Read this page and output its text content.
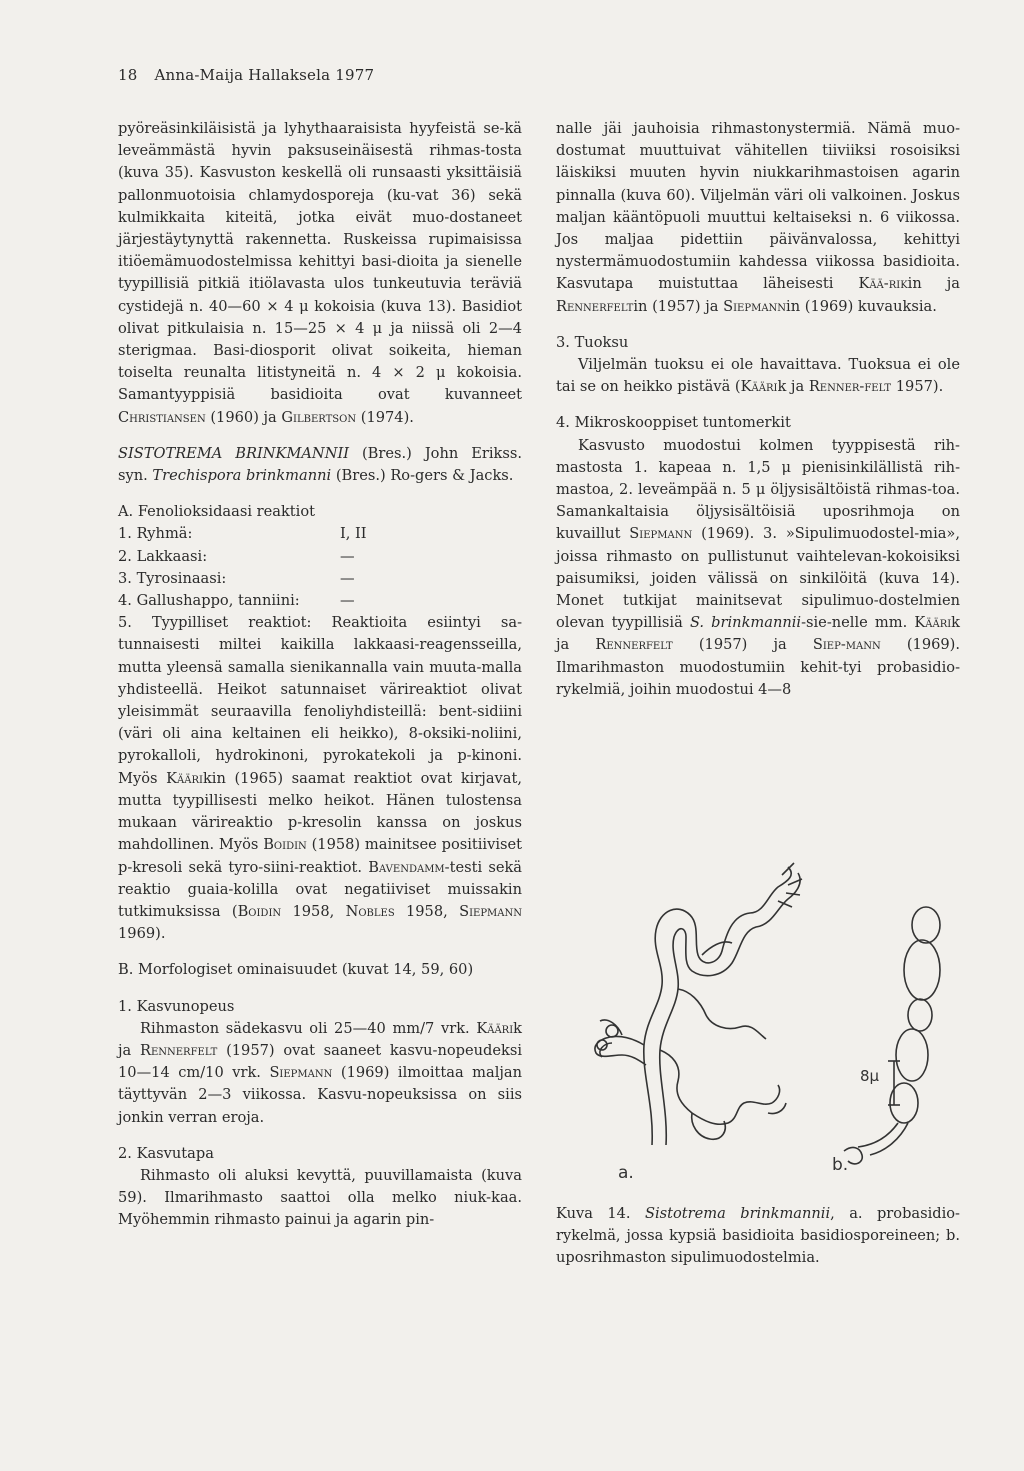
18 Anna-Maija Hallaksela 1977

pyöreäsinkiläisistä ja lyhythaaraisista hyyfeistä se-kä leveämmästä hyvin paksuseinäisestä rihmas-tosta (kuva 35). Kasvuston keskellä oli runsaasti yksittäisiä pallonmuotoisia chlamydosporeja (ku-vat 36) sekä kulmikkaita kiteitä, jotka eivät muo-dostaneet järjestäytynyttä rakennetta. Ruskeissa rupimaisissa itiöemämuodostelmissa kehittyi basi-dioita ja sienelle tyypillisiä pitkiä itiölavasta ulos tunkeutuvia teräviä cystidejä n. 40—60 × 4 μ kokoisia (kuva 13). Basidiot olivat pitkulaisia n. 15—25 × 4 μ ja niissä oli 2—4 sterigmaa. Basi-diosporit olivat soikeita, hieman toiselta reunalta litistyneitä n. 4 × 2 μ kokoisia. Samantyyppisiä basidioita ovat kuvanneet Christiansen (1960) ja Gilbertson (1974).

SISTOTREMA BRINKMANNII (Bres.) John Erikss. syn. Trechispora brinkmanni (Bres.) Ro-gers & Jacks.

A. Fenolioksidaasi reaktiot

1. Ryhmä:	I, II
2. Lakkaasi:	—
3. Tyrosinaasi:	—
4. Gallushappo, tanniini:	—

5. Tyypilliset reaktiot: Reaktioita esiintyi sa-tunnaisesti miltei kaikilla lakkaasi-reagensseilla, mutta yleensä samalla sienikannalla vain muuta-malla yhdisteellä. Heikot satunnaiset värireaktiot olivat yleisimmät seuraavilla fenoliyhdisteillä: bent-sidiini (väri oli aina keltainen eli heikko), 8-oksiki-noliini, pyrokalloli, hydrokinoni, pyrokatekoli ja p-kinoni. Myös Käärikin (1965) saamat reaktiot ovat kirjavat, mutta tyypillisesti melko heikot. Hänen tulostensa mukaan värireaktio p-kresolin kanssa on joskus mahdollinen. Myös Boidin (1958) mainitsee positiiviset p-kresoli sekä tyro-siini-reaktiot. Bavendamm-testi sekä reaktio guaia-kolilla ovat negatiiviset muissakin tutkimuksissa (Boidin 1958, Nobles 1958, Siepmann 1969).

B. Morfologiset ominaisuudet (kuvat 14, 59, 60)

1. Kasvunopeus

Rihmaston sädekasvu oli 25—40 mm/7 vrk. Käärik ja Rennerfelt (1957) ovat saaneet kasvu-nopeudeksi 10—14 cm/10 vrk. Siepmann (1969) ilmoittaa maljan täyttyvän 2—3 viikossa. Kasvu-nopeuksissa on siis jonkin verran eroja.

2. Kasvutapa

Rihmasto oli aluksi kevyttä, puuvillamaista (kuva 59). Ilmarihmasto saattoi olla melko niuk-kaa. Myöhemmin rihmasto painui ja agarin pin-

nalle jäi jauhoisia rihmastonystermiä. Nämä muo-dostumat muuttuivat vähitellen tiiviiksi rosoisiksi läiskiksi muuten hyvin niukkarihmastoisen agarin pinnalla (kuva 60). Viljelmän väri oli valkoinen. Joskus maljan kääntöpuoli muuttui keltaiseksi n. 6 viikossa. Jos maljaa pidettiin päivänvalossa, kehittyi nystermämuodostumiin kahdessa viikossa basidioita. Kasvutapa muistuttaa läheisesti Kää-rikin ja Rennerfeltin (1957) ja Siepmannin (1969) kuvauksia.

3. Tuoksu

Viljelmän tuoksu ei ole havaittava. Tuoksua ei ole tai se on heikko pistävä (Käärik ja Renner-felt 1957).

4. Mikroskooppiset tuntomerkit

Kasvusto muodostui kolmen tyyppisestä rih-mastosta 1. kapeaa n. 1,5 μ pienisinkilällistä rih-mastoa, 2. leveämpää n. 5 μ öljysisältöistä rihmas-toa. Samankaltaisia öljysisältöisiä uposrihmoja on kuvaillut Siepmann (1969). 3. »Sipulimuodostel-mia», joissa rihmasto on pullistunut vaihtelevan-kokoisiksi paisumiksi, joiden välissä on sinkilöitä (kuva 14). Monet tutkijat mainitsevat sipulimuo-dostelmien olevan tyypillisiä S. brinkmannii-sie-nelle mm. Käärik ja Rennerfelt (1957) ja Siep-mann (1969). Ilmarihmaston muodostumiin kehit-tyi probasidio-rykelmiä, joihin muodostui 4—8

a.	b.
8μ
Kuva 14. Sistotrema brinkmannii, a. probasidio-rykelmä, jossa kypsiä basidioita basidiosporeineen; b. uposrihmaston sipulimuodostelmia.
